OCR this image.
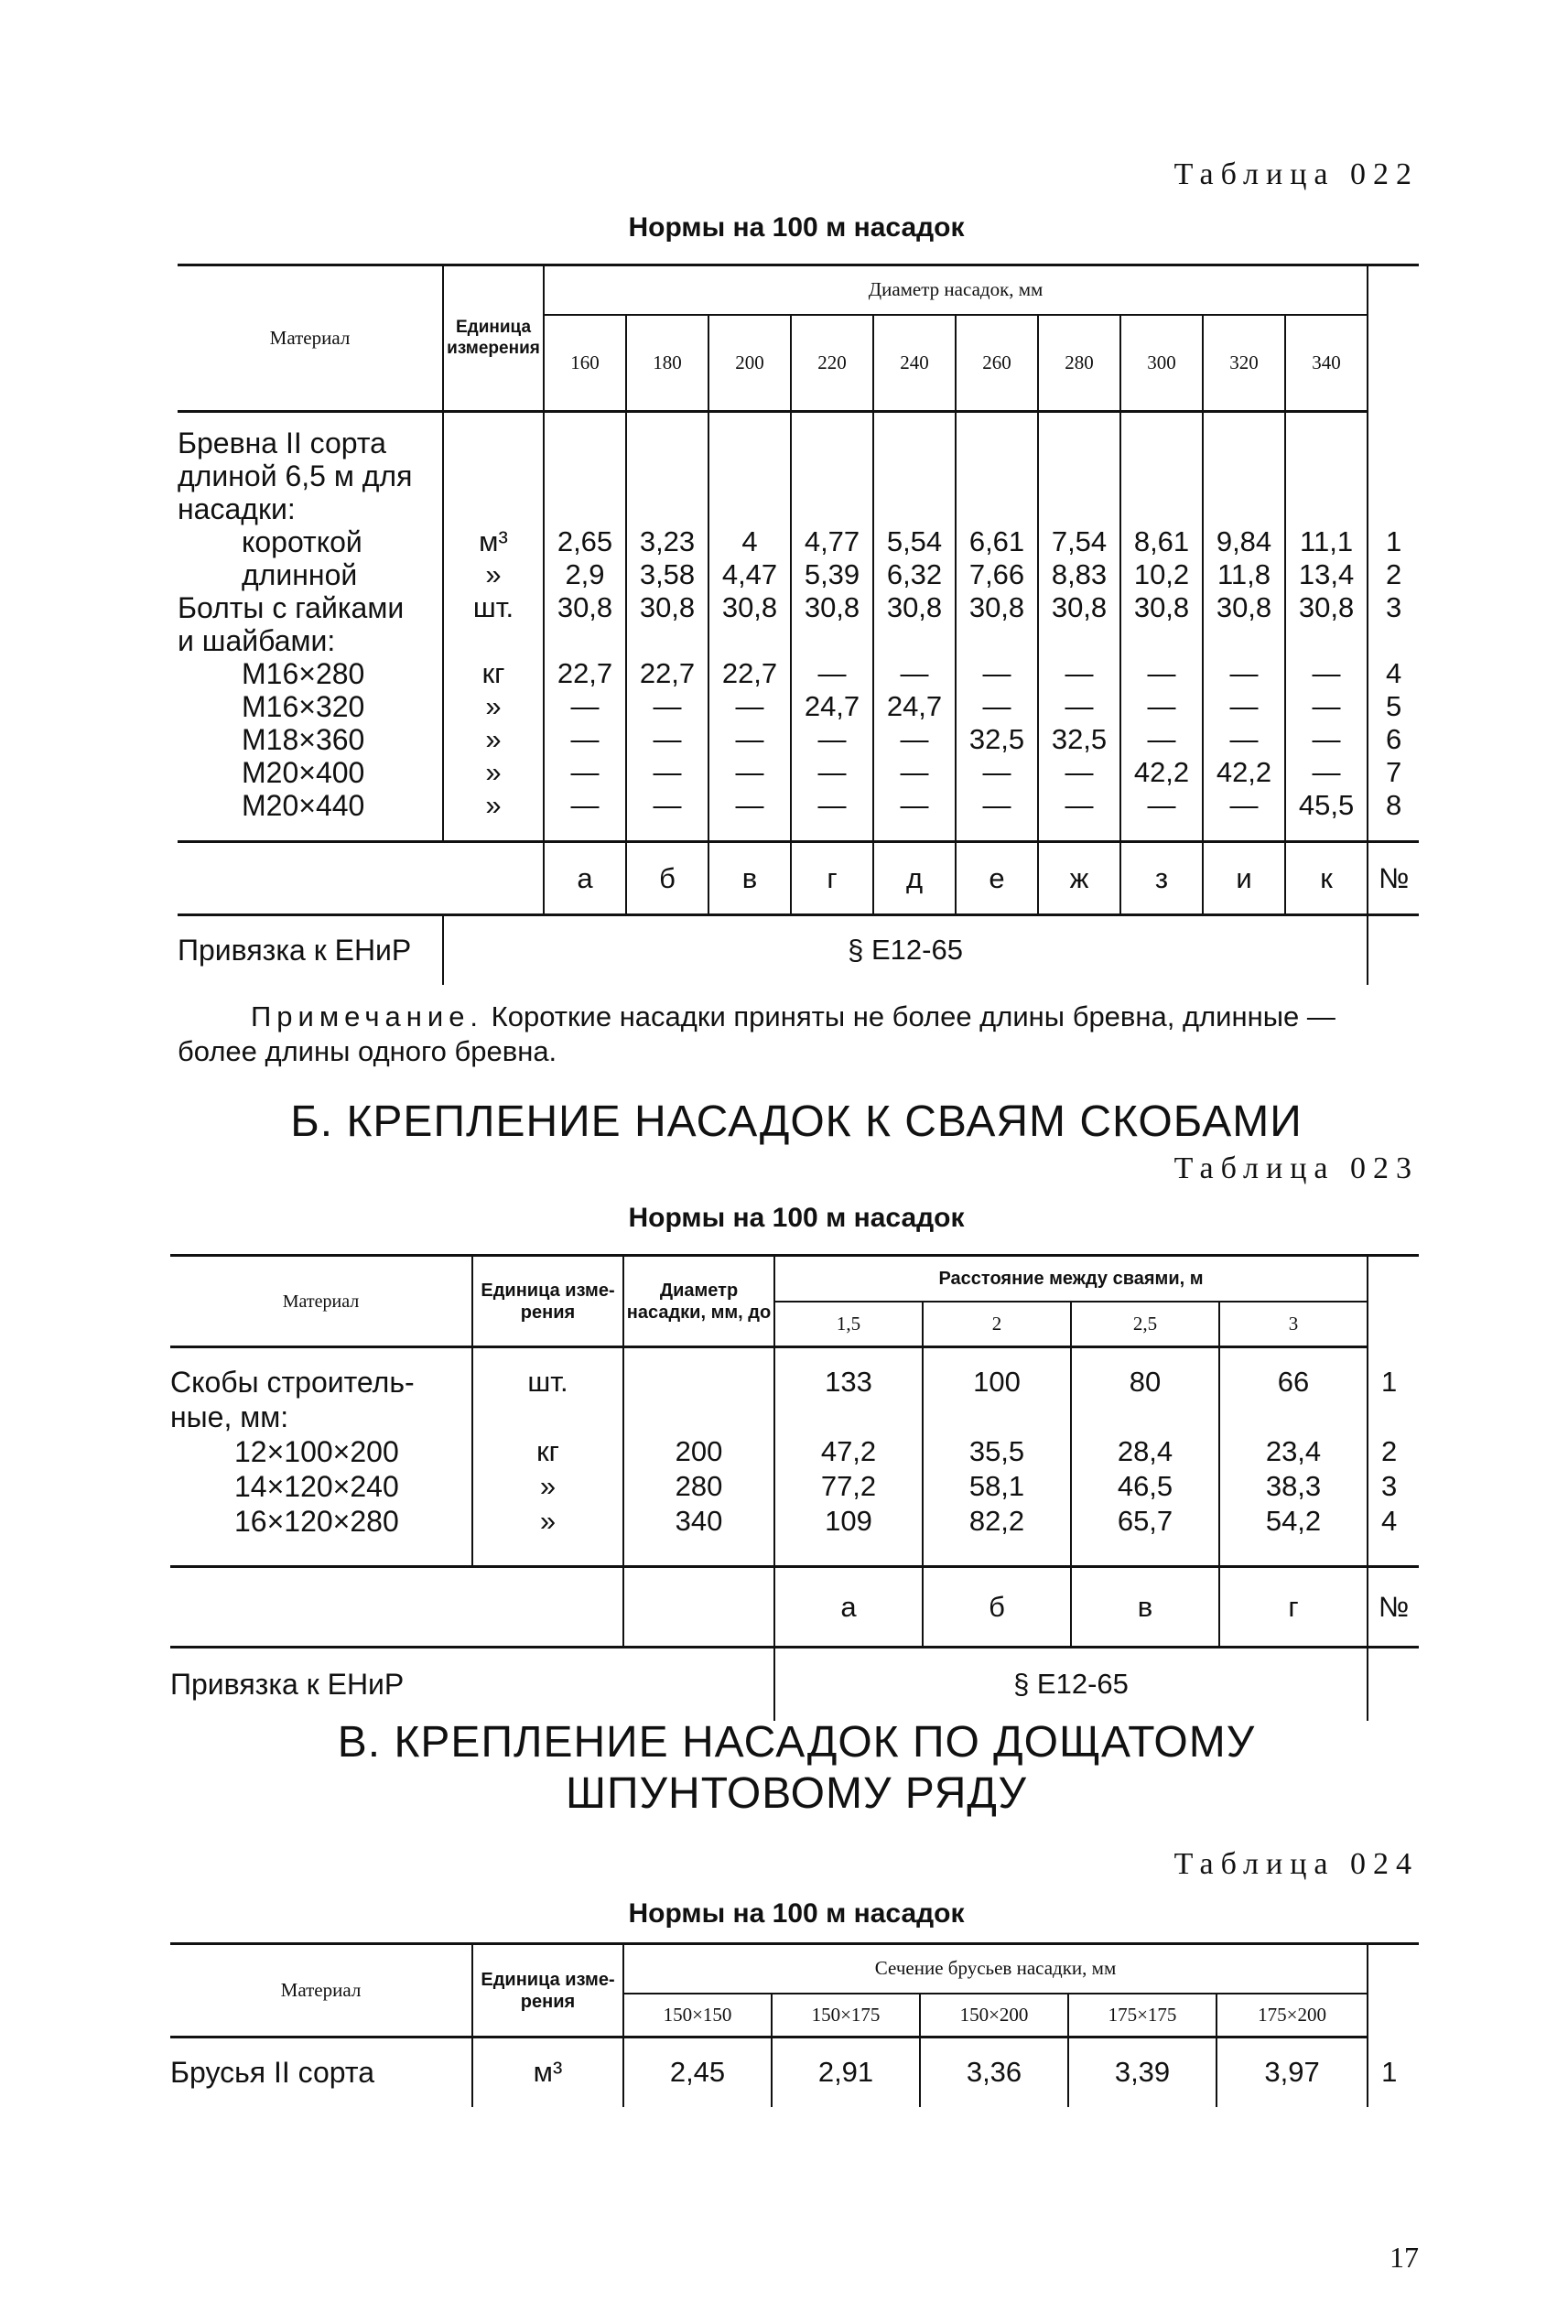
Таблица 022
Нормы на 100 м насадок
Материал	Единица измерения	Диаметр насадок, мм										
		160	180	200	220	240	260	280	300	320	340	

Бревна II сорта длиной 6,5 м для насадки:												
короткой	м³	2,65	3,23	4	4,77	5,54	6,61	7,54	8,61	9,84	11,1	1
длинной	»	2,9	3,58	4,47	5,39	6,32	7,66	8,83	10,2	11,8	13,4	2
Болты с гайками	шт.	30,8	30,8	30,8	30,8	30,8	30,8	30,8	30,8	30,8	30,8	3
и шайбами:												
М16×280	кг	22,7	22,7	22,7	—	—	—	—	—	—	—	4
М16×320	»	—	—	—	24,7	24,7	—	—	—	—	—	5
М18×360	»	—	—	—	—	—	32,5	32,5	—	—	—	6
М20×400	»	—	—	—	—	—	—	—	42,2	42,2	—	7
М20×440	»	—	—	—	—	—	—	—	—	—	45,5	8

		а	б	в	г	д	е	ж	з	и	к	№
Привязка к ЕНиР	§ Е12-65											
Примечание. Короткие насадки приняты не более длины бревна, длинные — более длины одного бревна.
Б. КРЕПЛЕНИЕ НАСАДОК К СВАЯМ СКОБАМИ
Таблица 023
Нормы на 100 м насадок
Материал	Единица изме-рения	Диаметр насадки, мм, до	Расстояние между сваями, м				
			1,5	2	2,5	3	

Скобы строитель-	шт.		133	100	80	66	1
ные, мм:							
12×100×200	кг	200	47,2	35,5	28,4	23,4	2
14×120×240	»	280	77,2	58,1	46,5	38,3	3
16×120×280	»	340	109	82,2	65,7	54,2	4

			а	б	в	г	№
Привязка к ЕНиР			§ Е12-65				
В. КРЕПЛЕНИЕ НАСАДОК ПО ДОЩАТОМУ
ШПУНТОВОМУ РЯДУ
Таблица 024
Нормы на 100 м насадок
Материал	Единица изме-рения	Сечение брусьев насадки, мм					
		150×150	150×175	150×200	175×175	175×200	
Брусья II сорта	м³	2,45	2,91	3,36	3,39	3,97	1
17
